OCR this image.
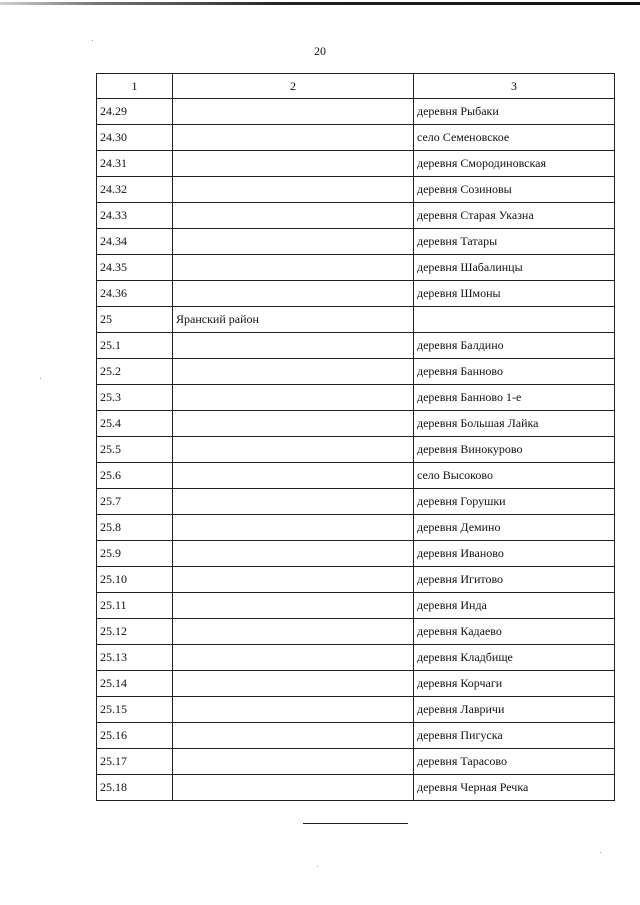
20
1	2	3
24.29		деревня Рыбаки
24.30		село Семеновское
24.31		деревня Смородиновская
24.32		деревня Созиновы
24.33		деревня Старая Указна
24.34		деревня Татары
24.35		деревня Шабалинцы
24.36		деревня Шмоны
25	Яранский район	
25.1		деревня Балдино
25.2		деревня Банново
25.3		деревня Банново 1-е
25.4		деревня Большая Лайка
25.5		деревня Винокурово
25.6		село Высоково
25.7		деревня Горушки
25.8		деревня Демино
25.9		деревня Иваново
25.10		деревня Игитово
25.11		деревня Инда
25.12		деревня Кадаево
25.13		деревня Кладбище
25.14		деревня Корчаги
25.15		деревня Лавричи
25.16		деревня Пигуска
25.17		деревня Тарасово
25.18		деревня Черная Речка
